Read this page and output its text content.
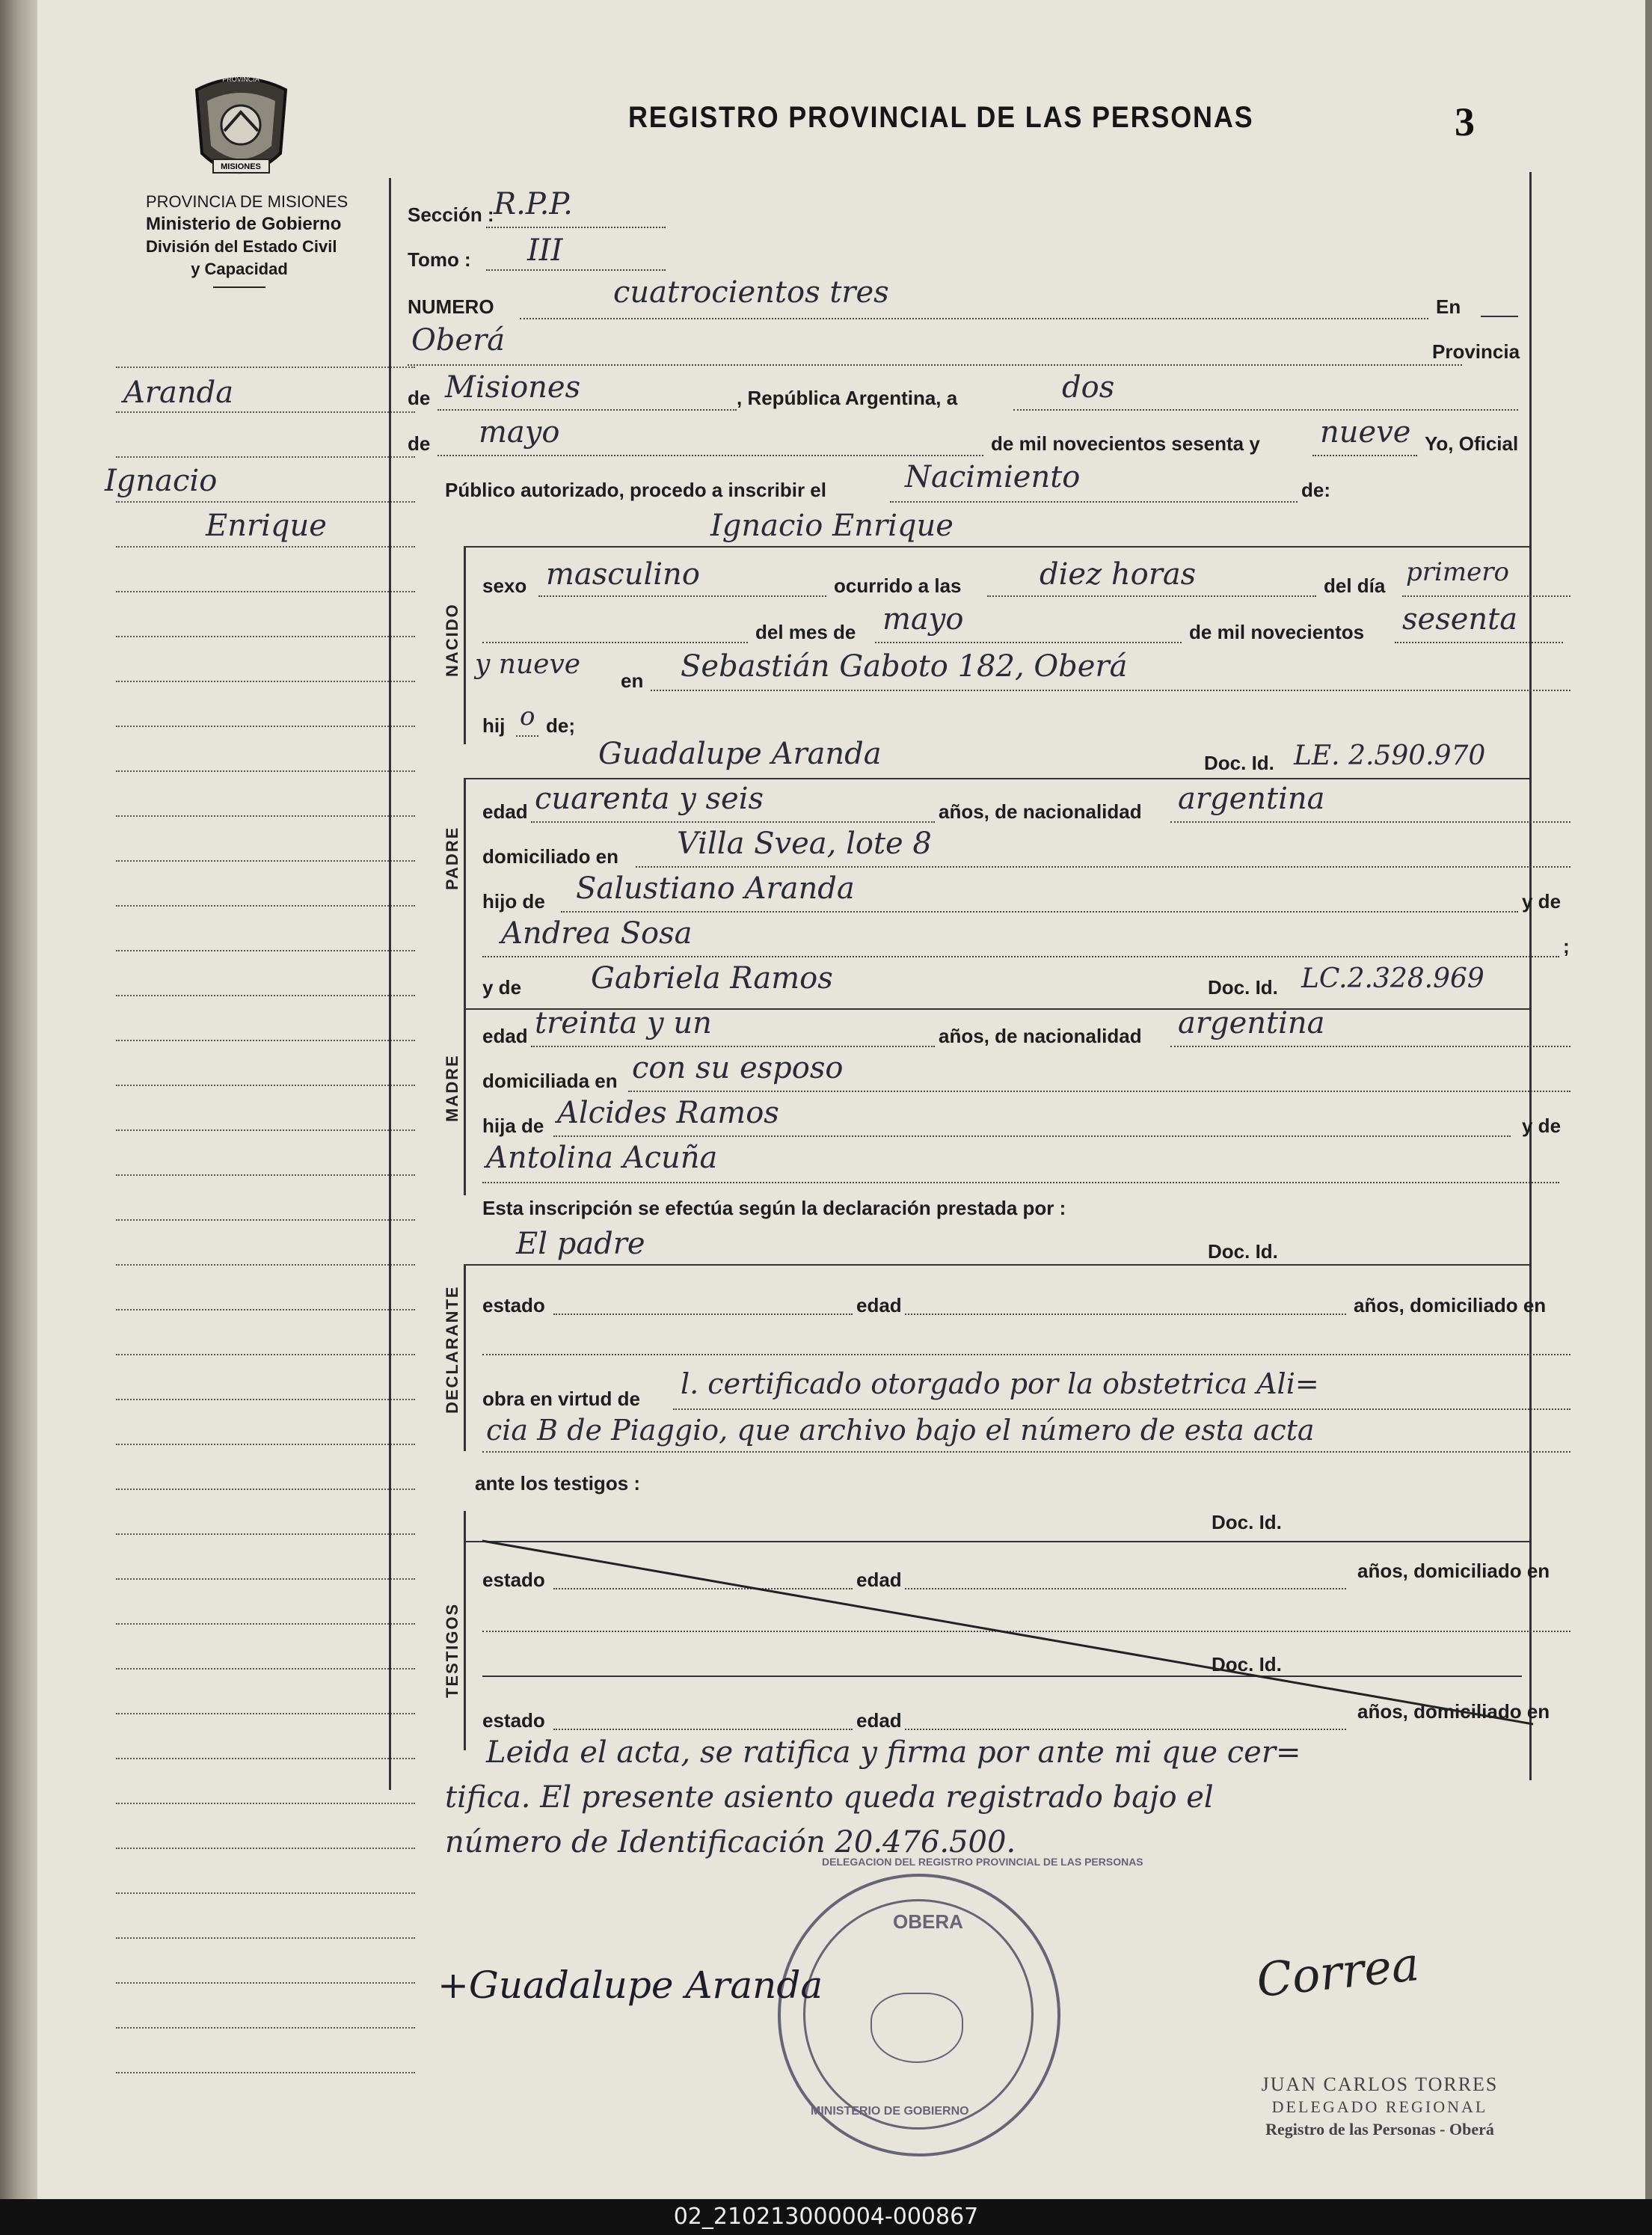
MISIONES
PROVINCIA
PROVINCIA DE MISIONES
Ministerio de Gobierno
División del Estado Civil
y Capacidad
REGISTRO PROVINCIAL DE LAS PERSONAS	3
Aranda
Ignacio
Enrique
Sección : R.P.P.
Tomo : III
NUMERO	cuatrocientos tres	En
Oberá	Provincia
de Misiones	, República Argentina, a	dos
de mayo	de mil novecientos sesenta y nueve Yo, Oficial
Público autorizado, procedo a inscribir el	Nacimiento	de:
NACIDO
Ignacio Enrique
sexo masculino	ocurrido a las	diez horas	del día primero
del mes de mayo	de mil novecientos sesenta
y nueve
en Sebastián Gaboto 182, Oberá
hij o de;
PADRE
Guadalupe Aranda	Doc. Id. LE. 2.590.970
edad cuarenta y seis	años, de nacionalidad argentina
domiciliado en Villa Svea, lote 8
hijo de Salustiano Aranda	y de
Andrea Sosa	;
y de Gabriela Ramos	Doc. Id. LC.2.328.969
MADRE
edad treinta y un	años, de nacionalidad argentina
domiciliada en con su esposo
hija de Alcides Ramos	y de
Antolina Acuña
Esta inscripción se efectúa según la declaración prestada por :
DECLARANTE
El padre	Doc. Id.
estado	edad	años, domiciliado en
obra en virtud de l. certificado otorgado por la obstetrica Ali=
cia B de Piaggio, que archivo bajo el número de esta acta
ante los testigos :
TESTIGOS
Doc. Id.
estado	edad	años, domiciliado en
Doc. Id.
estado	edad	años, domiciliado en
Leida el acta, se ratifica y firma por ante mi que cer=
tifica. El presente asiento queda registrado bajo el
número de Identificación 20.476.500.
OBERA
MINISTERIO DE GOBIERNO
DELEGACION DEL REGISTRO PROVINCIAL DE LAS PERSONAS
+Guadalupe Aranda	Correa
JUAN CARLOS TORRES
DELEGADO REGIONAL
Registro de las Personas - Oberá
02_210213000004-000867
